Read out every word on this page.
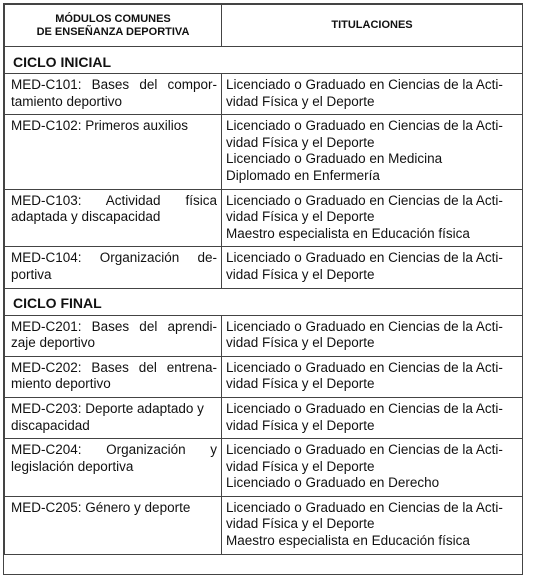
MÓDULOS COMUNES
DE ENSEÑANZA DEPORTIVA	TITULACIONES
CICLO INICIAL	

MED-C101: Bases del compor-
tamiento deportivo	Licenciado o Graduado en Ciencias de la Acti-
vidad Física y el Deporte

MED-C102: Primeros auxilios	Licenciado o Graduado en Ciencias de la Acti-
vidad Física y el Deporte
Licenciado o Graduado en Medicina
Diplomado en Enfermería

MED-C103: Actividad física
adaptada y discapacidad	Licenciado o Graduado en Ciencias de la Acti-
vidad Física y el Deporte
Maestro especialista en Educación física

MED-C104: Organización de-
portiva	Licenciado o Graduado en Ciencias de la Acti-
vidad Física y el Deporte

CICLO FINAL	

MED-C201: Bases del aprendi-
zaje deportivo	Licenciado o Graduado en Ciencias de la Acti-
vidad Física y el Deporte

MED-C202: Bases del entrena-
miento deportivo	Licenciado o Graduado en Ciencias de la Acti-
vidad Física y el Deporte

MED-C203: Deporte adaptado y
discapacidad	Licenciado o Graduado en Ciencias de la Acti-
vidad Física y el Deporte

MED-C204: Organización y
legislación deportiva	Licenciado o Graduado en Ciencias de la Acti-
vidad Física y el Deporte
Licenciado o Graduado en Derecho

MED-C205: Género y deporte	Licenciado o Graduado en Ciencias de la Acti-
vidad Física y el Deporte
Maestro especialista en Educación física
